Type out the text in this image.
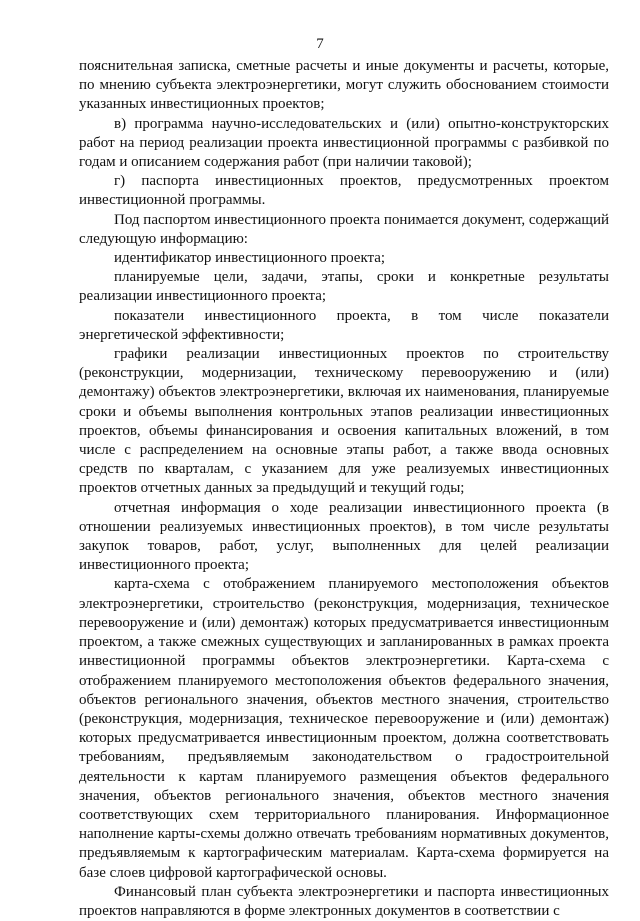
7

пояснительная записка, сметные расчеты и иные документы и расчеты, которые, по мнению субъекта электроэнергетики, могут служить обоснованием стоимости указанных инвестиционных проектов;

в) программа научно-исследовательских и (или) опытно-конструкторских работ на период реализации проекта инвестиционной программы с разбивкой по годам и описанием содержания работ (при наличии таковой);

г) паспорта инвестиционных проектов, предусмотренных проектом инвестиционной программы.

Под паспортом инвестиционного проекта понимается документ, содержащий следующую информацию:

идентификатор инвестиционного проекта;

планируемые цели, задачи, этапы, сроки и конкретные результаты реализации инвестиционного проекта;

показатели инвестиционного проекта, в том числе показатели энергетической эффективности;

графики реализации инвестиционных проектов по строительству (реконструкции, модернизации, техническому перевооружению и (или) демонтажу) объектов электроэнергетики, включая их наименования, планируемые сроки и объемы выполнения контрольных этапов реализации инвестиционных проектов, объемы финансирования и освоения капитальных вложений, в том числе с распределением на основные этапы работ, а также ввода основных средств по кварталам, с указанием для уже реализуемых инвестиционных проектов отчетных данных за предыдущий и текущий годы;

отчетная информация о ходе реализации инвестиционного проекта (в отношении реализуемых инвестиционных проектов), в том числе результаты закупок товаров, работ, услуг, выполненных для целей реализации инвестиционного проекта;

карта-схема с отображением планируемого местоположения объектов электроэнергетики, строительство (реконструкция, модернизация, техническое перевооружение и (или) демонтаж) которых предусматривается инвестиционным проектом, а также смежных существующих и запланированных в рамках проекта инвестиционной программы объектов электроэнергетики. Карта-схема с отображением планируемого местоположения объектов федерального значения, объектов регионального значения, объектов местного значения, строительство (реконструкция, модернизация, техническое перевооружение и (или) демонтаж) которых предусматривается инвестиционным проектом, должна соответствовать требованиям, предъявляемым законодательством о градостроительной деятельности к картам планируемого размещения объектов федерального значения, объектов регионального значения, объектов местного значения соответствующих схем территориального планирования. Информационное наполнение карты-схемы должно отвечать требованиям нормативных документов, предъявляемым к картографическим материалам. Карта-схема формируется на базе слоев цифровой картографической основы.

Финансовый план субъекта электроэнергетики и паспорта инвестиционных проектов направляются в форме электронных документов в соответствии с
